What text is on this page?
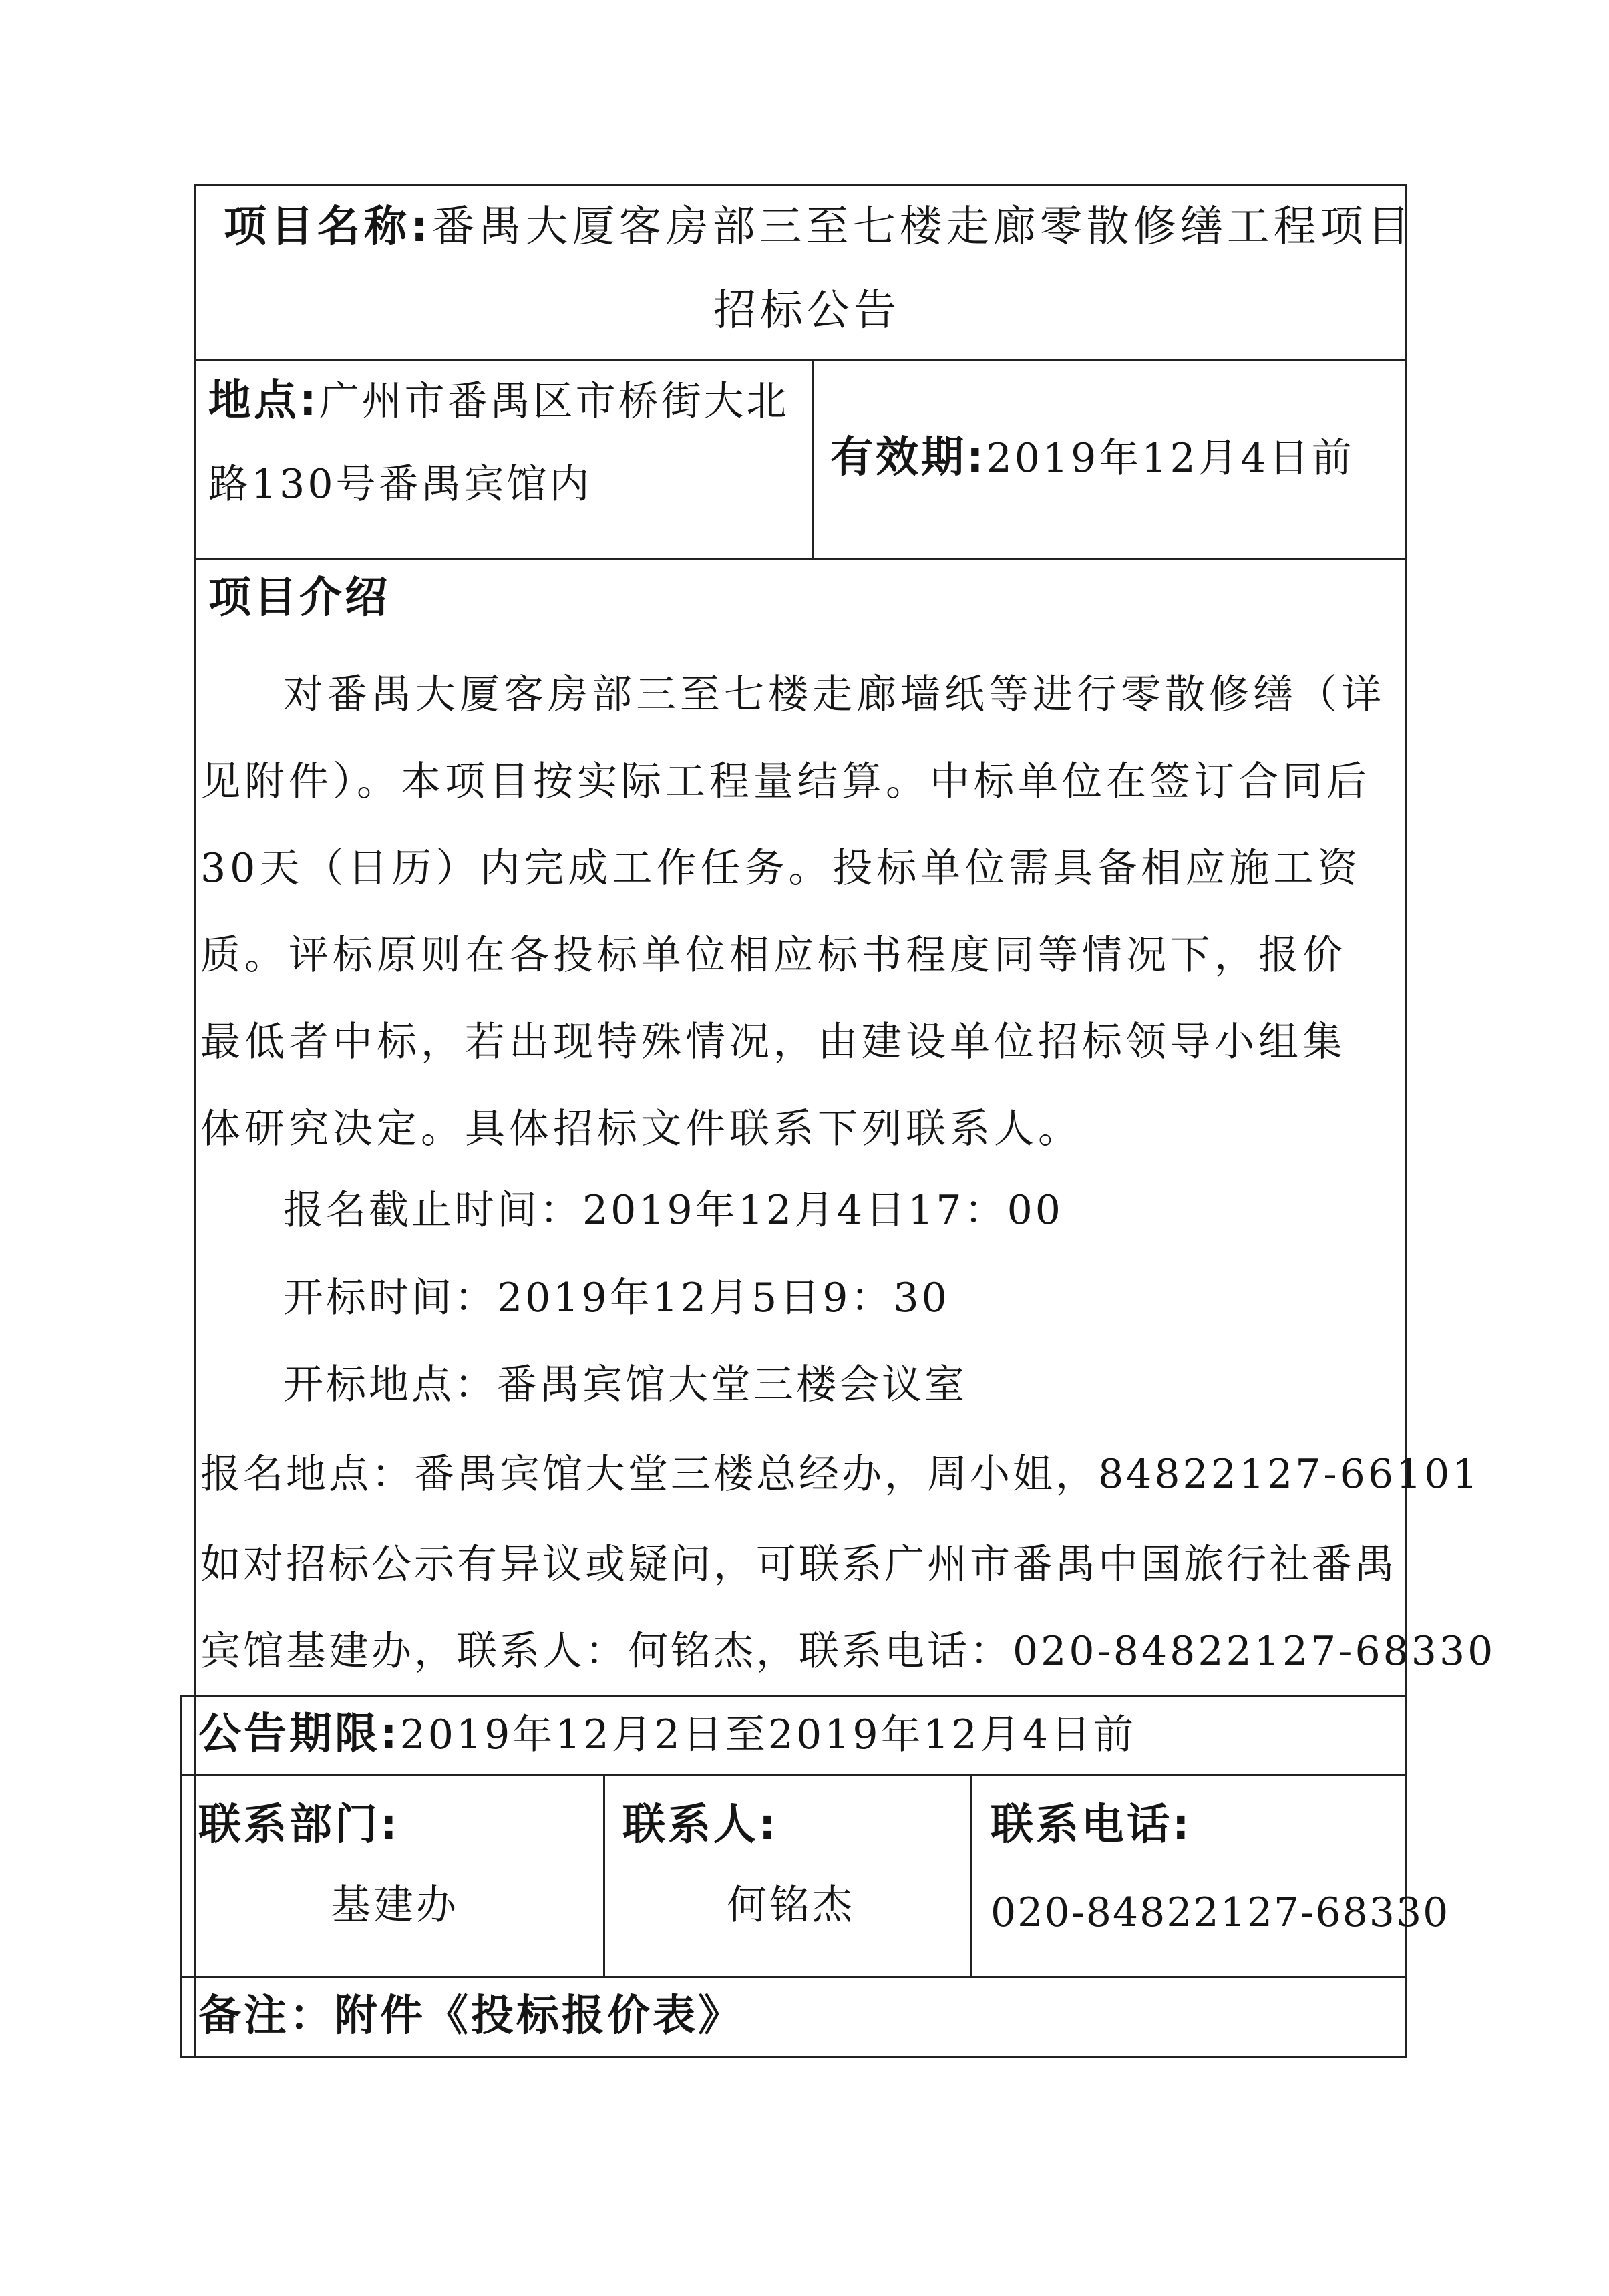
项目名称:番禺大厦客房部三至七楼走廊零散修缮工程项目
招标公告
地点:广州市番禺区市桥街大北
路130号番禺宾馆内
有效期:2019年12月4日前
项目介绍
对番禺大厦客房部三至七楼走廊墙纸等进行零散修缮（详见附件）。本项目按实际工程量结算。中标单位在签订合同后30天（日历）内完成工作任务。投标单位需具备相应施工资质。评标原则在各投标单位相应标书程度同等情况下，报价最低者中标，若出现特殊情况，由建设单位招标领导小组集体研究决定。具体招标文件联系下列联系人。
报名截止时间：2019年12月4日17：00
开标时间：2019年12月5日9：30
开标地点：番禺宾馆大堂三楼会议室
报名地点：番禺宾馆大堂三楼总经办，周小姐，84822127-66101
如对招标公示有异议或疑问，可联系广州市番禺中国旅行社番禺
宾馆基建办，联系人：何铭杰，联系电话：020-84822127-68330
公告期限:2019年12月2日至2019年12月4日前
联系部门:
基建办
联系人:
何铭杰
联系电话:
020-84822127-68330
备注：附件《投标报价表》
